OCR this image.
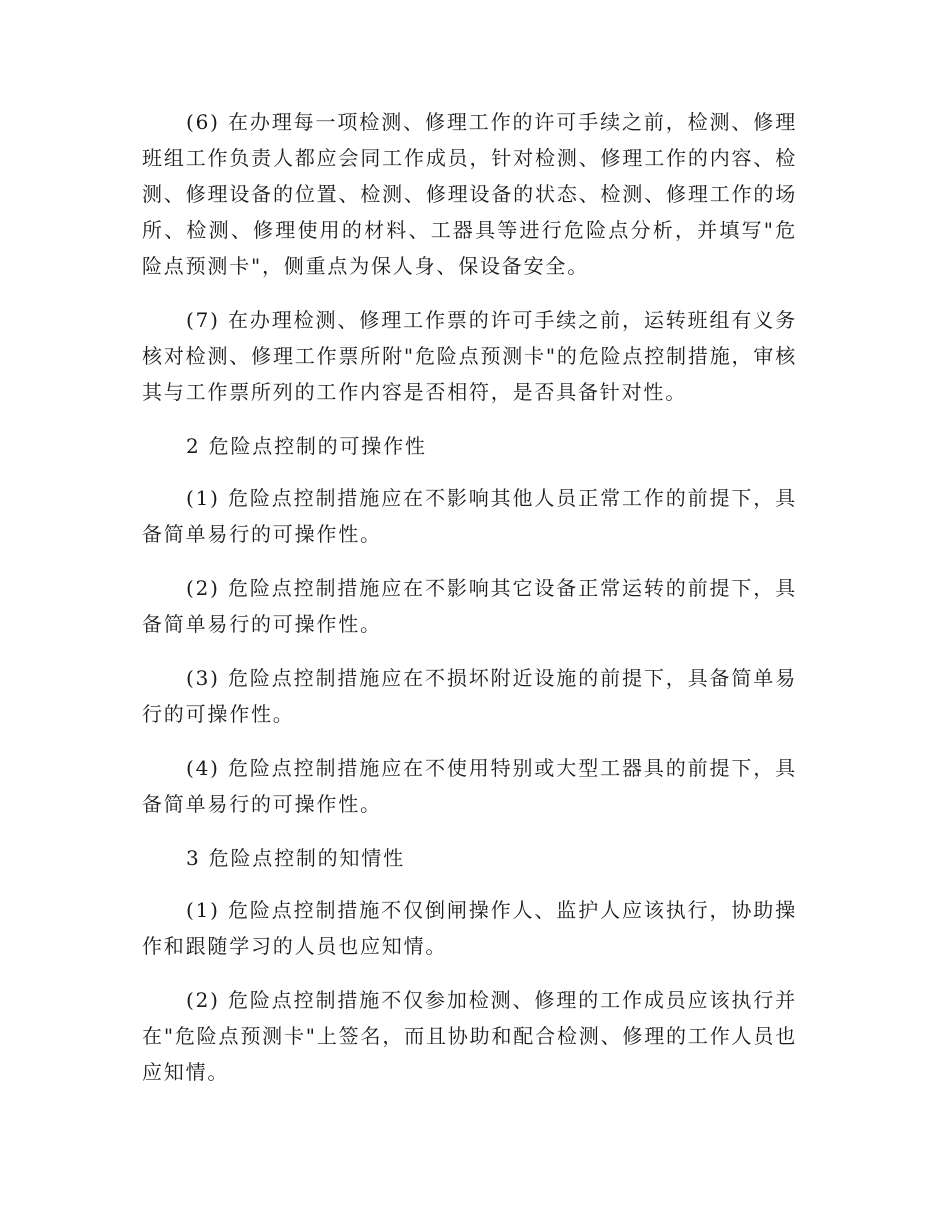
(6) 在办理每一项检测、修理工作的许可手续之前，检测、修理班组工作负责人都应会同工作成员，针对检测、修理工作的内容、检测、修理设备的位置、检测、修理设备的状态、检测、修理工作的场所、检测、修理使用的材料、工器具等进行危险点分析，并填写"危险点预测卡"，侧重点为保人身、保设备安全。

(7) 在办理检测、修理工作票的许可手续之前，运转班组有义务核对检测、修理工作票所附"危险点预测卡"的危险点控制措施，审核其与工作票所列的工作内容是否相符，是否具备针对性。

2 危险点控制的可操作性

(1) 危险点控制措施应在不影响其他人员正常工作的前提下，具备简单易行的可操作性。

(2) 危险点控制措施应在不影响其它设备正常运转的前提下，具备简单易行的可操作性。

(3) 危险点控制措施应在不损坏附近设施的前提下，具备简单易行的可操作性。

(4) 危险点控制措施应在不使用特别或大型工器具的前提下，具备简单易行的可操作性。

3 危险点控制的知情性

(1) 危险点控制措施不仅倒闸操作人、监护人应该执行，协助操作和跟随学习的人员也应知情。

(2) 危险点控制措施不仅参加检测、修理的工作成员应该执行并在"危险点预测卡"上签名，而且协助和配合检测、修理的工作人员也应知情。
